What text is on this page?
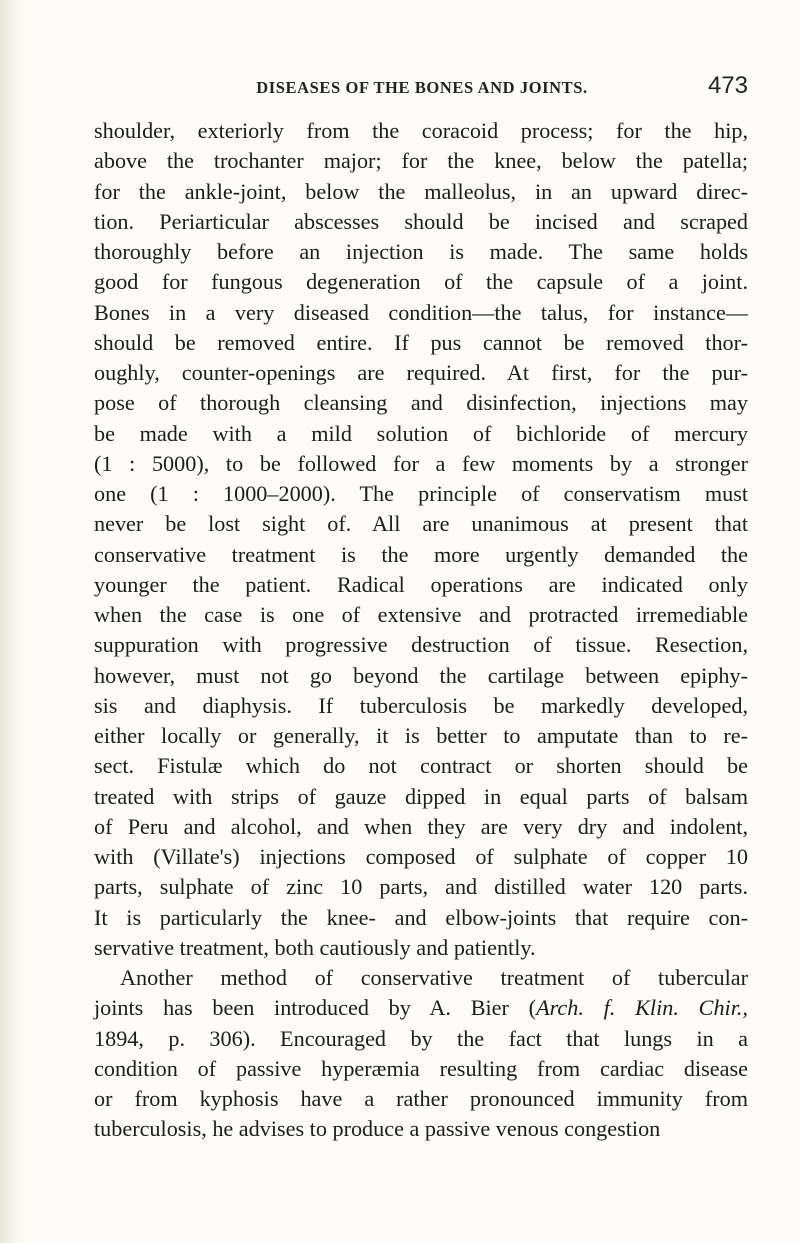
DISEASES OF THE BONES AND JOINTS.	473
shoulder, exteriorly from the coracoid process; for the hip,
above the trochanter major; for the knee, below the patella;
for the ankle-joint, below the malleolus, in an upward direc-
tion. Periarticular abscesses should be incised and scraped
thoroughly before an injection is made. The same holds
good for fungous degeneration of the capsule of a joint.
Bones in a very diseased condition—the talus, for instance—
should be removed entire. If pus cannot be removed thor-
oughly, counter-openings are required. At first, for the pur-
pose of thorough cleansing and disinfection, injections may
be made with a mild solution of bichloride of mercury
(1 : 5000), to be followed for a few moments by a stronger
one (1 : 1000–2000). The principle of conservatism must
never be lost sight of. All are unanimous at present that
conservative treatment is the more urgently demanded the
younger the patient. Radical operations are indicated only
when the case is one of extensive and protracted irremediable
suppuration with progressive destruction of tissue. Resection,
however, must not go beyond the cartilage between epiphy-
sis and diaphysis. If tuberculosis be markedly developed,
either locally or generally, it is better to amputate than to re-
sect. Fistulæ which do not contract or shorten should be
treated with strips of gauze dipped in equal parts of balsam
of Peru and alcohol, and when they are very dry and indolent,
with (Villate's) injections composed of sulphate of copper 10
parts, sulphate of zinc 10 parts, and distilled water 120 parts.
It is particularly the knee- and elbow-joints that require con-
servative treatment, both cautiously and patiently.
Another method of conservative treatment of tubercular
joints has been introduced by A. Bier (Arch. f. Klin. Chir.,
1894, p. 306). Encouraged by the fact that lungs in a
condition of passive hyperæmia resulting from cardiac disease
or from kyphosis have a rather pronounced immunity from
tuberculosis, he advises to produce a passive venous congestion
